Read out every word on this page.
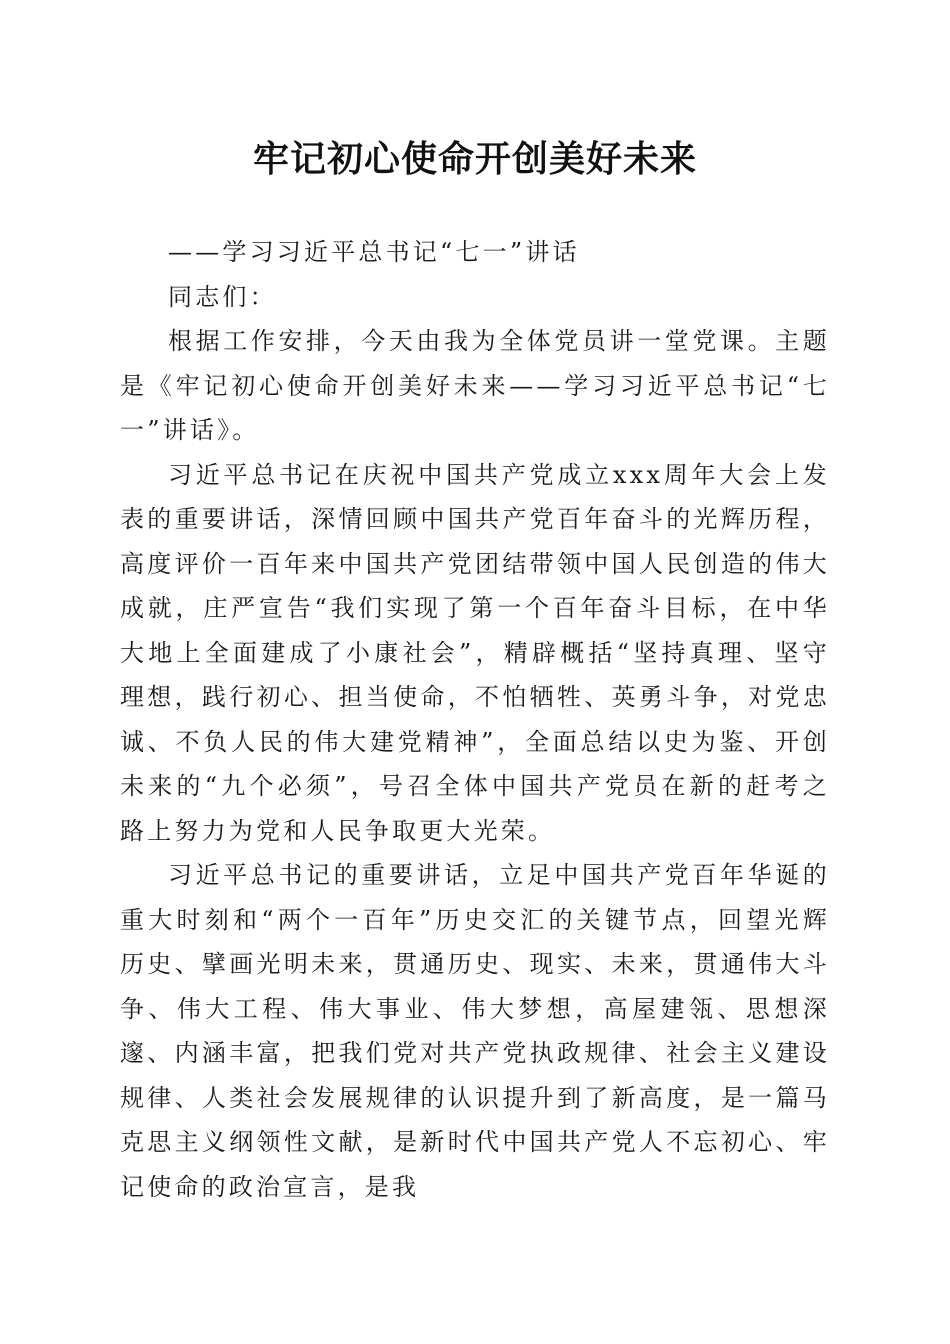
牢记初心使命开创美好未来

——学习习近平总书记“七一”讲话

同志们：

根据工作安排，今天由我为全体党员讲一堂党课。主题是《牢记初心使命开创美好未来——学习习近平总书记“七一”讲话》。

习近平总书记在庆祝中国共产党成立xxx周年大会上发表的重要讲话，深情回顾中国共产党百年奋斗的光辉历程，高度评价一百年来中国共产党团结带领中国人民创造的伟大成就，庄严宣告“我们实现了第一个百年奋斗目标，在中华大地上全面建成了小康社会”，精辟概括“坚持真理、坚守理想，践行初心、担当使命，不怕牺牲、英勇斗争，对党忠诚、不负人民的伟大建党精神”，全面总结以史为鉴、开创未来的“九个必须”，号召全体中国共产党员在新的赶考之路上努力为党和人民争取更大光荣。

习近平总书记的重要讲话，立足中国共产党百年华诞的重大时刻和“两个一百年”历史交汇的关键节点，回望光辉历史、擘画光明未来，贯通历史、现实、未来，贯通伟大斗争、伟大工程、伟大事业、伟大梦想，高屋建瓴、思想深邃、内涵丰富，把我们党对共产党执政规律、社会主义建设规律、人类社会发展规律的认识提升到了新高度，是一篇马克思主义纲领性文献，是新时代中国共产党人不忘初心、牢记使命的政治宣言，是我
